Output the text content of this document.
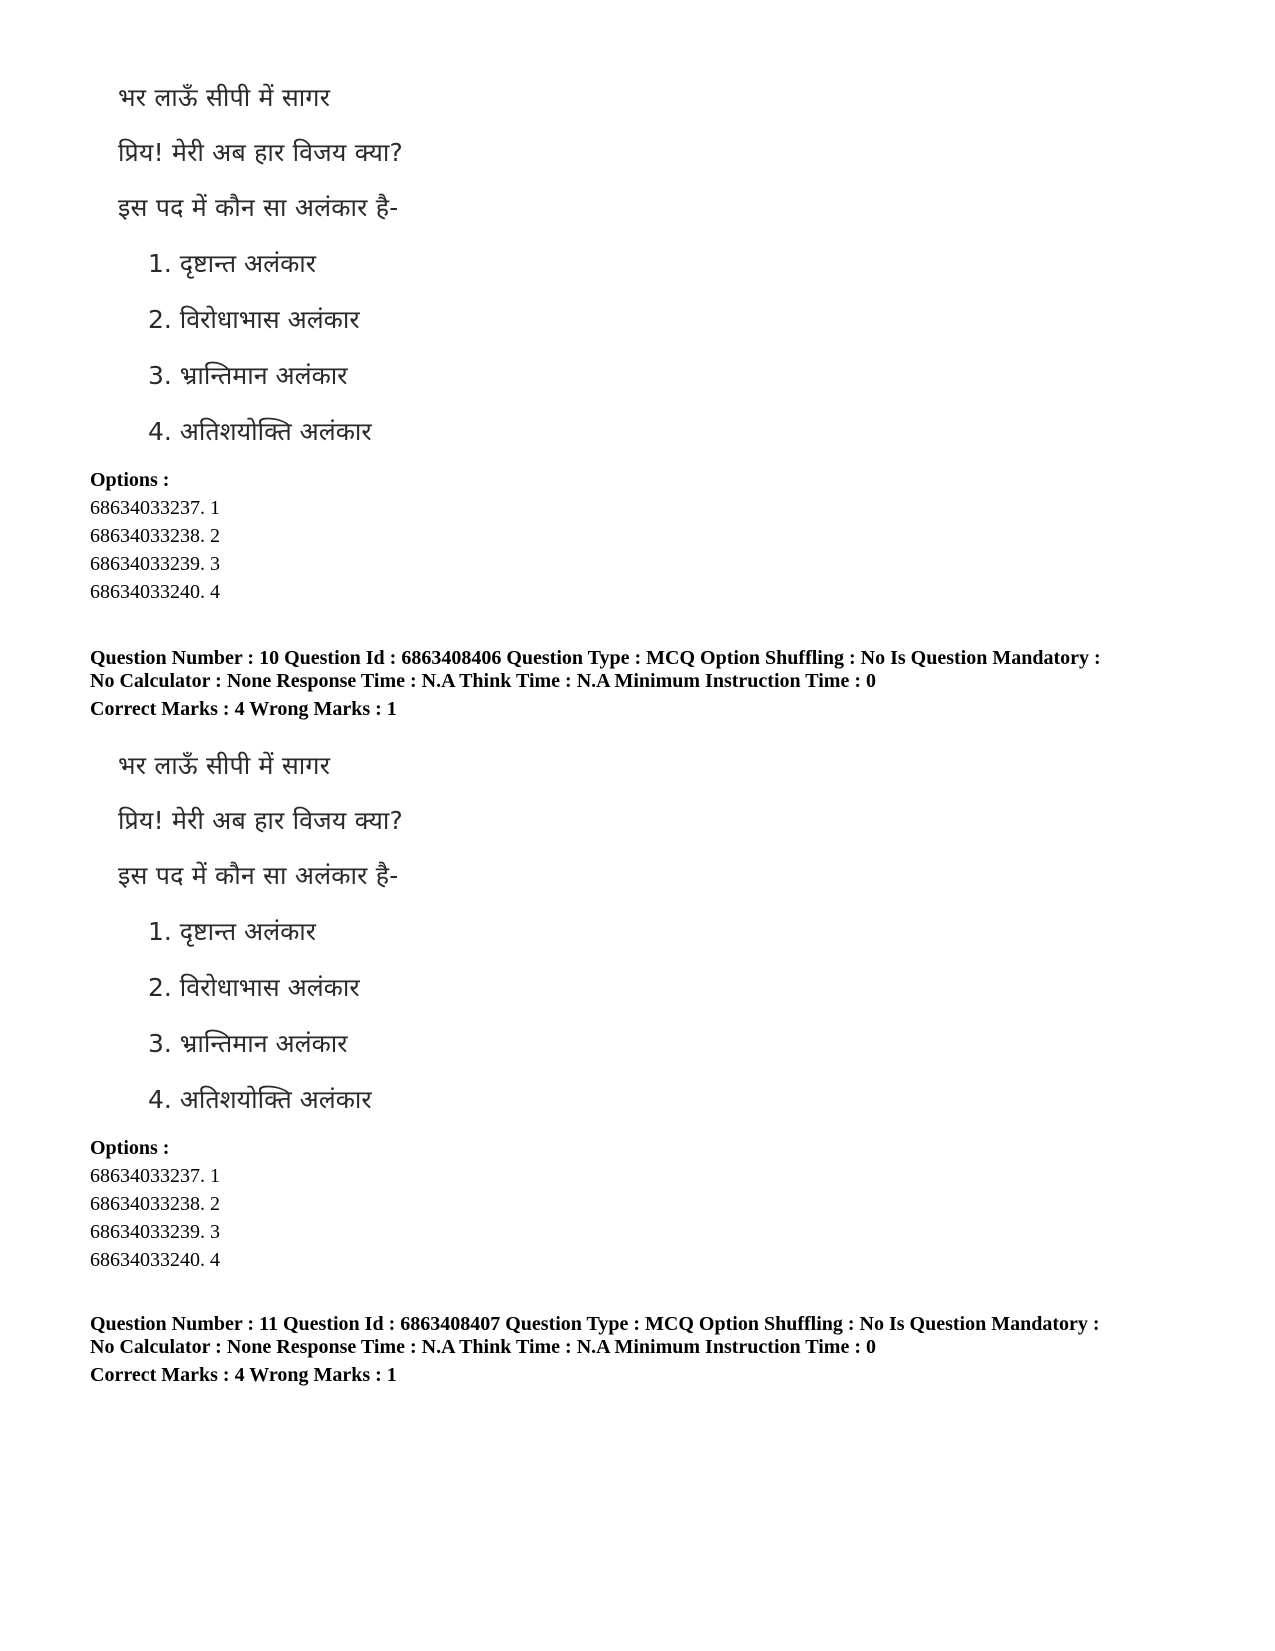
भर लाऊँ सीपी में सागर
प्रिय! मेरी अब हार विजय क्या?
इस पद में कौन सा अलंकार है-
1. दृष्टान्त अलंकार
2. विरोधाभास अलंकार
3. भ्रान्तिमान अलंकार
4. अतिशयोक्ति अलंकार
Options :
68634033237. 1
68634033238. 2
68634033239. 3
68634033240. 4
Question Number : 10 Question Id : 6863408406 Question Type : MCQ Option Shuffling : No Is Question Mandatory :
No Calculator : None Response Time : N.A Think Time : N.A Minimum Instruction Time : 0
Correct Marks : 4 Wrong Marks : 1
भर लाऊँ सीपी में सागर
प्रिय! मेरी अब हार विजय क्या?
इस पद में कौन सा अलंकार है-
1. दृष्टान्त अलंकार
2. विरोधाभास अलंकार
3. भ्रान्तिमान अलंकार
4. अतिशयोक्ति अलंकार
Options :
68634033237. 1
68634033238. 2
68634033239. 3
68634033240. 4
Question Number : 11 Question Id : 6863408407 Question Type : MCQ Option Shuffling : No Is Question Mandatory :
No Calculator : None Response Time : N.A Think Time : N.A Minimum Instruction Time : 0
Correct Marks : 4 Wrong Marks : 1
